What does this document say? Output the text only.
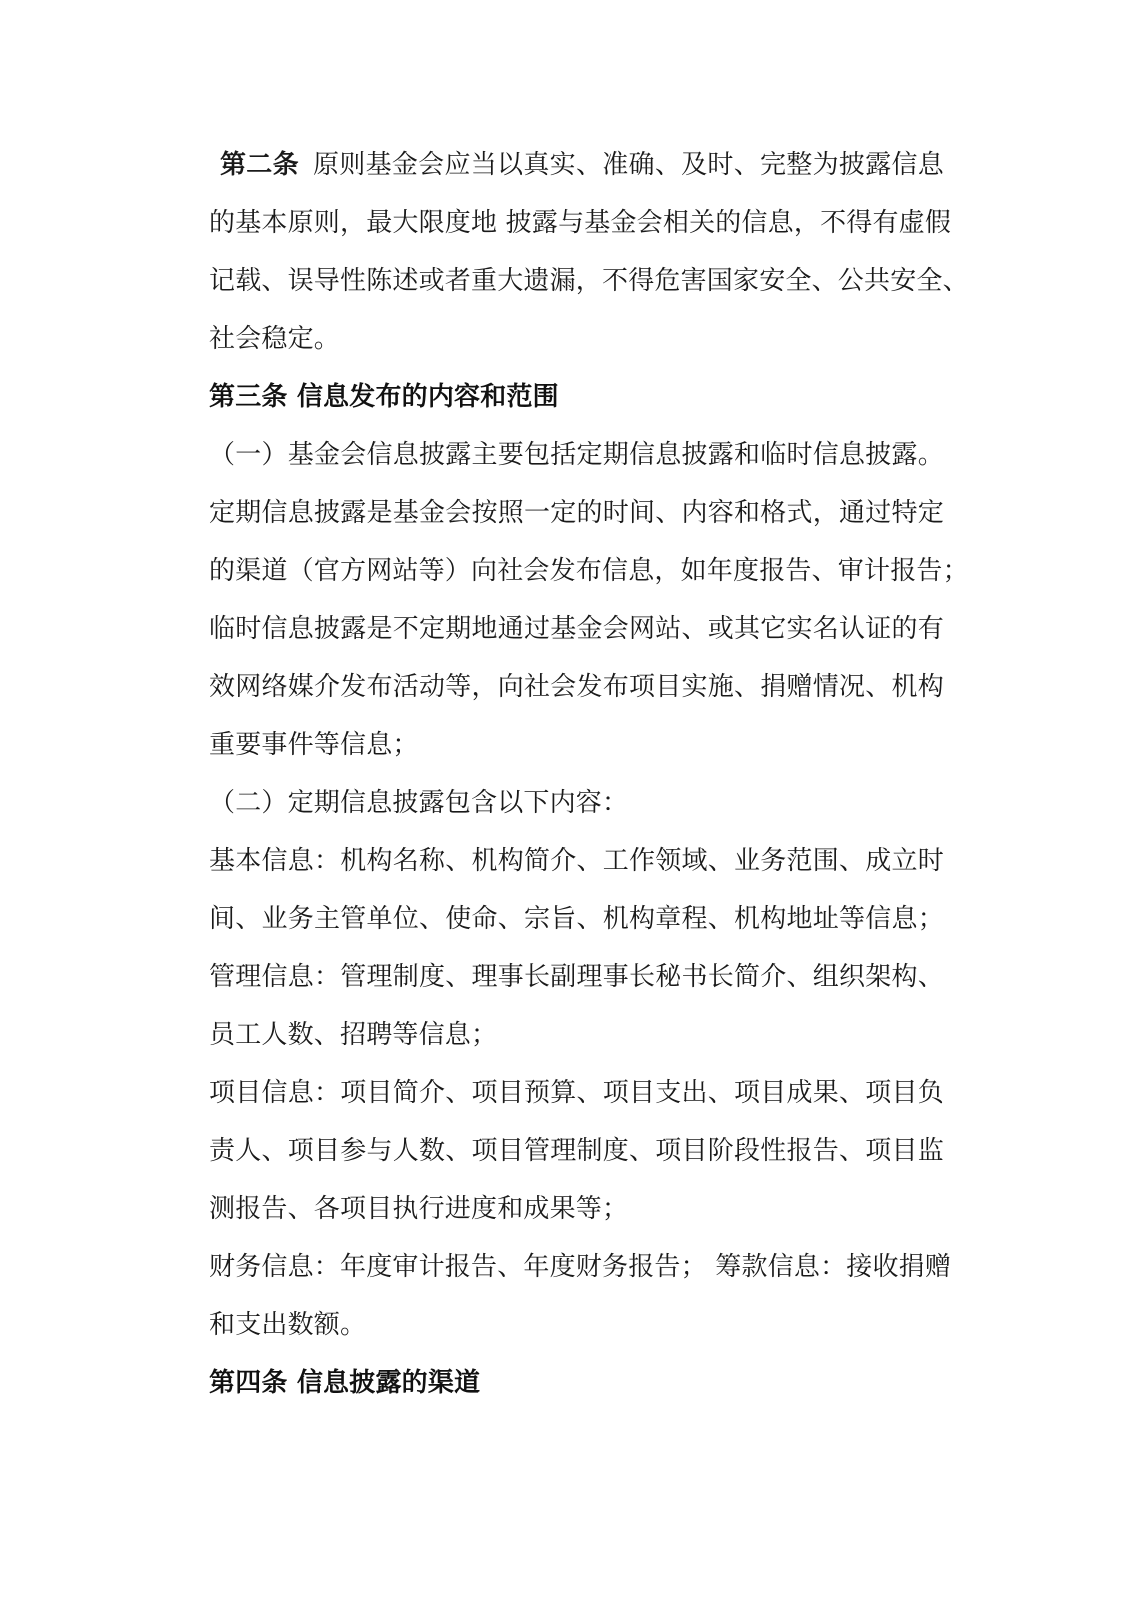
第二条 原则基金会应当以真实、准确、及时、完整为披露信息
的基本原则，最大限度地 披露与基金会相关的信息，不得有虚假
记载、误导性陈述或者重大遗漏，不得危害国家安全、公共安全、
社会稳定。
第三条 信息发布的内容和范围
（一）基金会信息披露主要包括定期信息披露和临时信息披露。
定期信息披露是基金会按照一定的时间、内容和格式，通过特定
的渠道（官方网站等）向社会发布信息，如年度报告、审计报告；
临时信息披露是不定期地通过基金会网站、或其它实名认证的有
效网络媒介发布活动等，向社会发布项目实施、捐赠情况、机构
重要事件等信息；
（二）定期信息披露包含以下内容：
基本信息：机构名称、机构简介、工作领域、业务范围、成立时
间、业务主管单位、使命、宗旨、机构章程、机构地址等信息；
管理信息：管理制度、理事长副理事长秘书长简介、组织架构、
员工人数、招聘等信息；
项目信息：项目简介、项目预算、项目支出、项目成果、项目负
责人、项目参与人数、项目管理制度、项目阶段性报告、项目监
测报告、各项目执行进度和成果等；
财务信息：年度审计报告、年度财务报告； 筹款信息：接收捐赠
和支出数额。
第四条 信息披露的渠道
